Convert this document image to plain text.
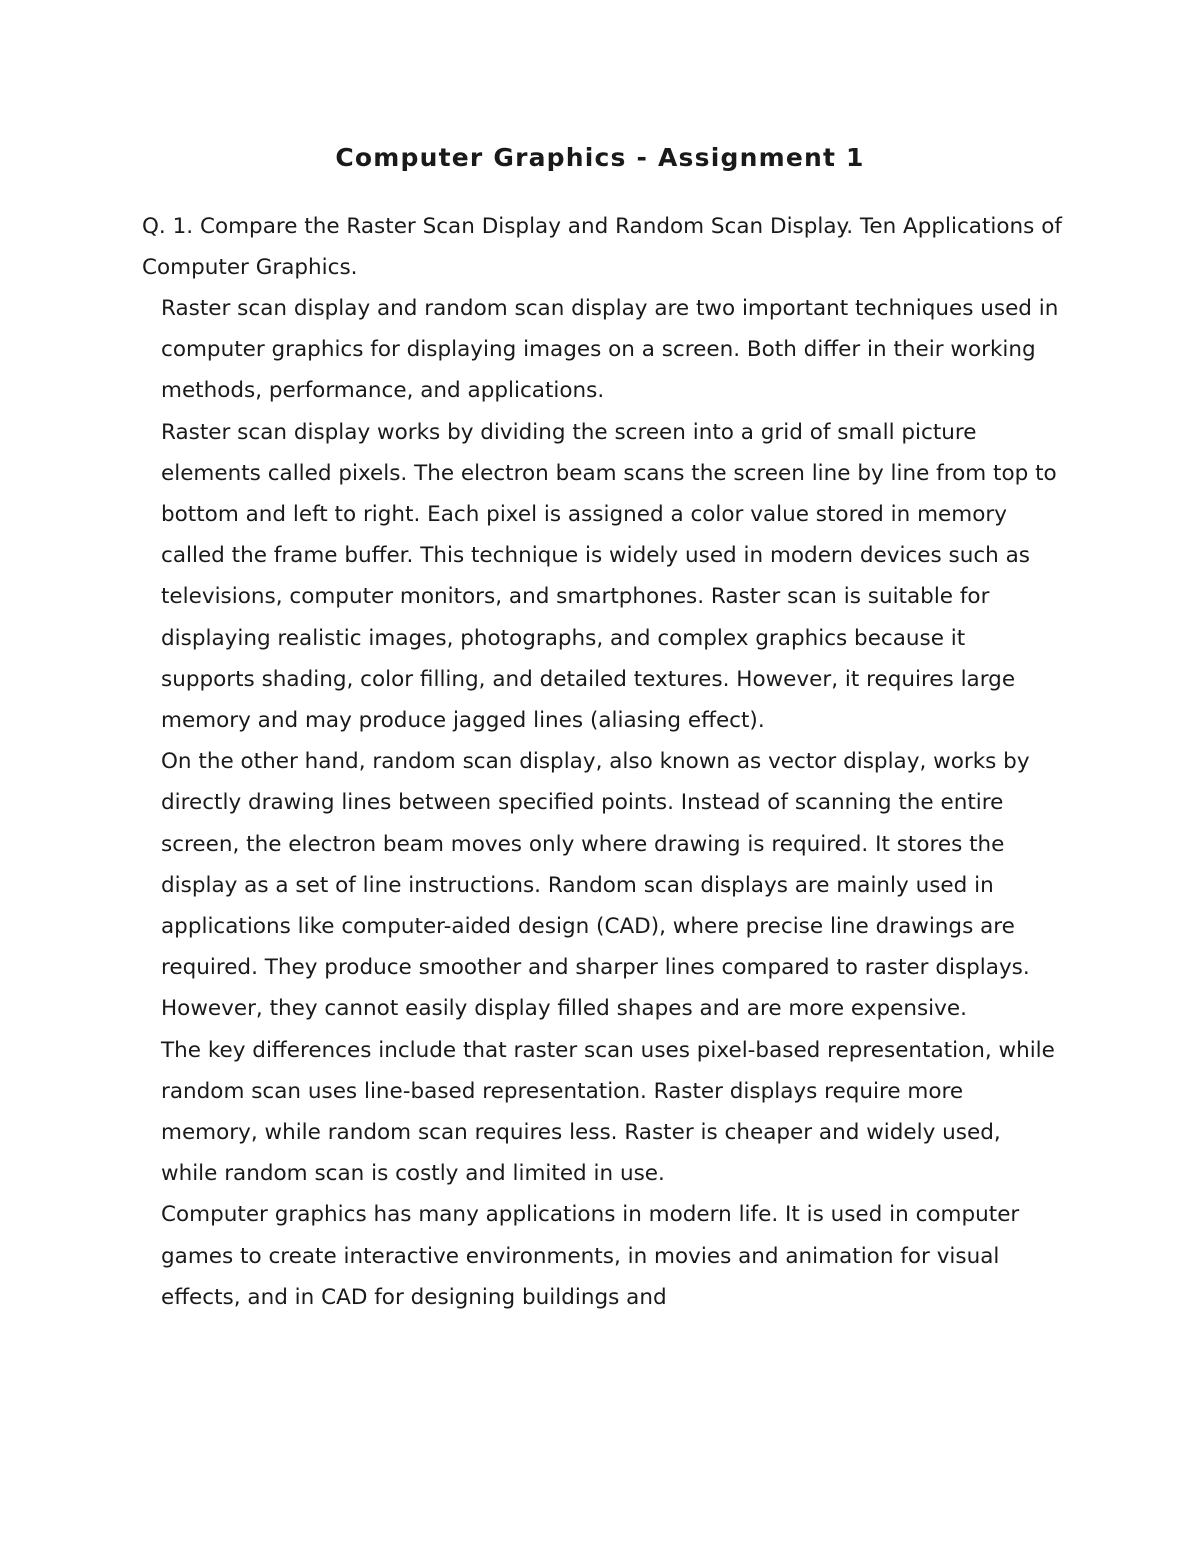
Computer Graphics - Assignment 1

Q. 1. Compare the Raster Scan Display and Random Scan Display. Ten Applications of Computer Graphics.

Raster scan display and random scan display are two important techniques used in computer graphics for displaying images on a screen. Both differ in their working methods, performance, and applications.

Raster scan display works by dividing the screen into a grid of small picture elements called pixels. The electron beam scans the screen line by line from top to bottom and left to right. Each pixel is assigned a color value stored in memory called the frame buffer. This technique is widely used in modern devices such as televisions, computer monitors, and smartphones. Raster scan is suitable for displaying realistic images, photographs, and complex graphics because it supports shading, color filling, and detailed textures. However, it requires large memory and may produce jagged lines (aliasing effect).

On the other hand, random scan display, also known as vector display, works by directly drawing lines between specified points. Instead of scanning the entire screen, the electron beam moves only where drawing is required. It stores the display as a set of line instructions. Random scan displays are mainly used in applications like computer-aided design (CAD), where precise line drawings are required. They produce smoother and sharper lines compared to raster displays. However, they cannot easily display filled shapes and are more expensive.

The key differences include that raster scan uses pixel-based representation, while random scan uses line-based representation. Raster displays require more memory, while random scan requires less. Raster is cheaper and widely used, while random scan is costly and limited in use.

Computer graphics has many applications in modern life. It is used in computer games to create interactive environments, in movies and animation for visual effects, and in CAD for designing buildings and
